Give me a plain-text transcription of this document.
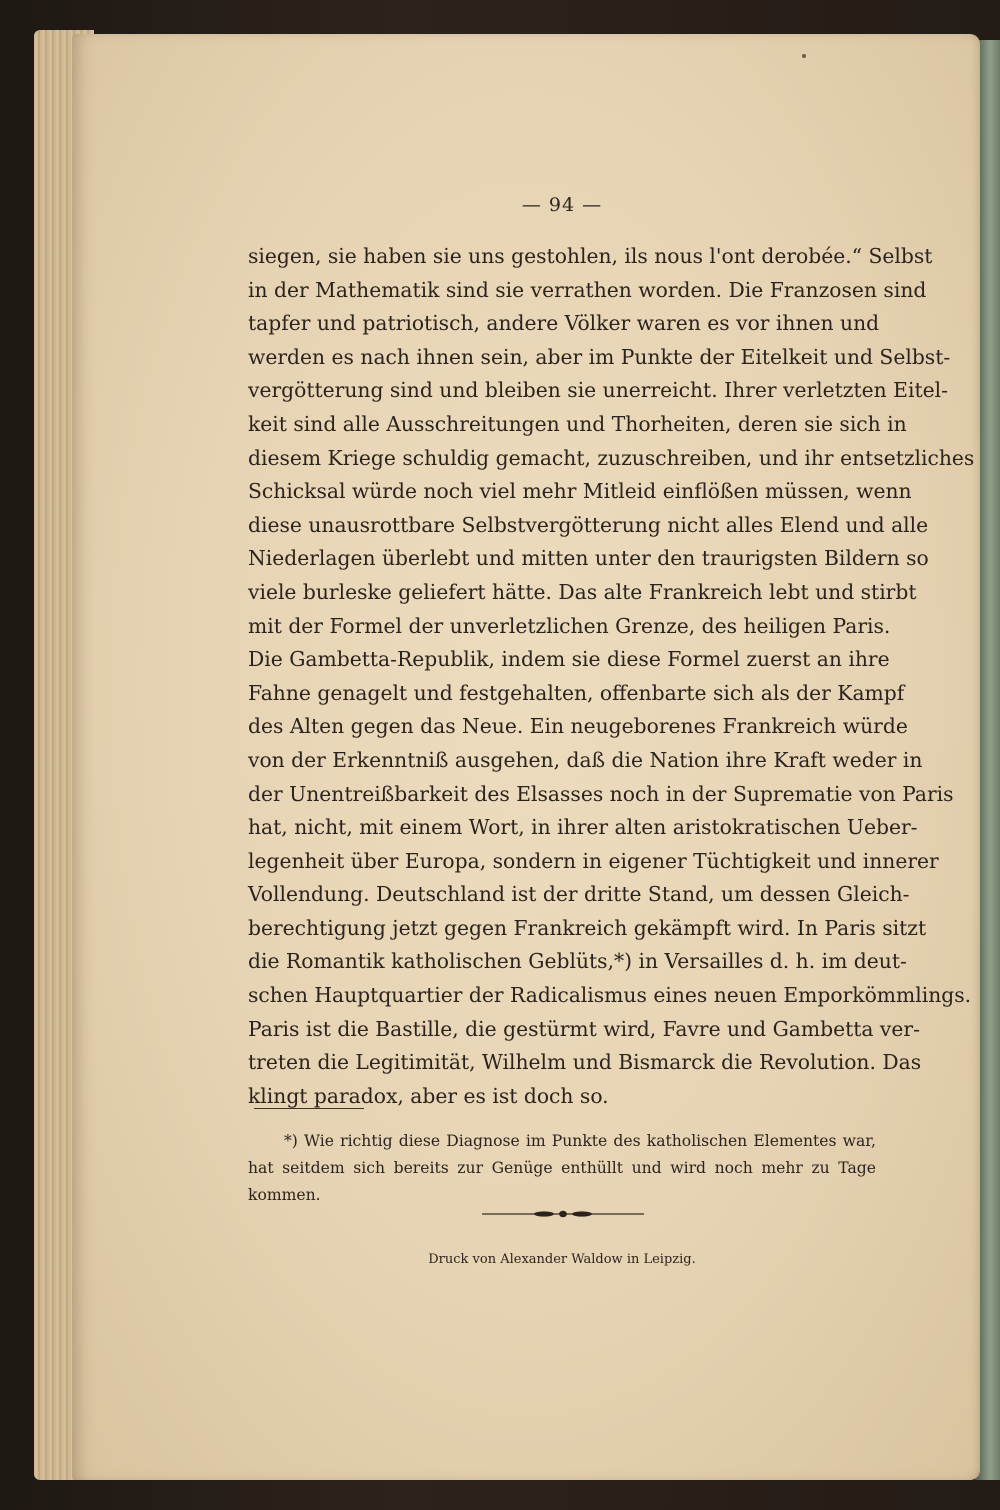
— 94 —
siegen, sie haben sie uns gestohlen, ils nous l'ont derobée.“ Selbst
in der Mathematik sind sie verrathen worden. Die Franzosen sind
tapfer und patriotisch, andere Völker waren es vor ihnen und
werden es nach ihnen sein, aber im Punkte der Eitelkeit und Selbst-
vergötterung sind und bleiben sie unerreicht. Ihrer verletzten Eitel-
keit sind alle Ausschreitungen und Thorheiten, deren sie sich in
diesem Kriege schuldig gemacht, zuzuschreiben, und ihr entsetzliches
Schicksal würde noch viel mehr Mitleid einflößen müssen, wenn
diese unausrottbare Selbstvergötterung nicht alles Elend und alle
Niederlagen überlebt und mitten unter den traurigsten Bildern so
viele burleske geliefert hätte. Das alte Frankreich lebt und stirbt
mit der Formel der unverletzlichen Grenze, des heiligen Paris.
Die Gambetta-Republik, indem sie diese Formel zuerst an ihre
Fahne genagelt und festgehalten, offenbarte sich als der Kampf
des Alten gegen das Neue. Ein neugeborenes Frankreich würde
von der Erkenntniß ausgehen, daß die Nation ihre Kraft weder in
der Unentreißbarkeit des Elsasses noch in der Suprematie von Paris
hat, nicht, mit einem Wort, in ihrer alten aristokratischen Ueber-
legenheit über Europa, sondern in eigener Tüchtigkeit und innerer
Vollendung. Deutschland ist der dritte Stand, um dessen Gleich-
berechtigung jetzt gegen Frankreich gekämpft wird. In Paris sitzt
die Romantik katholischen Geblüts,*) in Versailles d. h. im deut-
schen Hauptquartier der Radicalismus eines neuen Emporkömmlings.
Paris ist die Bastille, die gestürmt wird, Favre und Gambetta ver-
treten die Legitimität, Wilhelm und Bismarck die Revolution. Das
klingt paradox, aber es ist doch so.
*) Wie richtig diese Diagnose im Punkte des katholischen Elementes war,
hat seitdem sich bereits zur Genüge enthüllt und wird noch mehr zu Tage
kommen.
Druck von Alexander Waldow in Leipzig.
